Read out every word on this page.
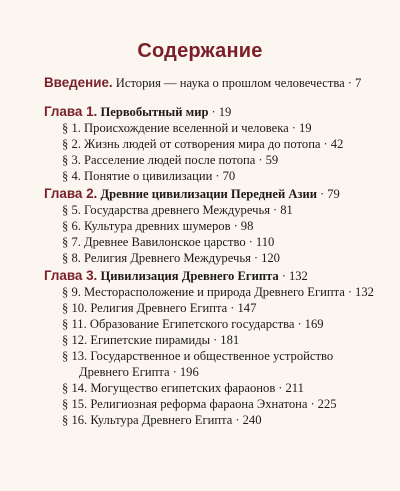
Содержание
Введение. История — наука о прошлом человечества · 7
Глава 1. Первобытный мир · 19
§ 1. Происхождение вселенной и человека · 19
§ 2. Жизнь людей от сотворения мира до потопа · 42
§ 3. Расселение людей после потопа · 59
§ 4. Понятие о цивилизации · 70
Глава 2. Древние цивилизации Передней Азии · 79
§ 5. Государства древнего Междуречья · 81
§ 6. Культура древних шумеров · 98
§ 7. Древнее Вавилонское царство · 110
§ 8. Религия Древнего Междуречья · 120
Глава 3. Цивилизация Древнего Египта · 132
§ 9. Месторасположение и природа Древнего Египта · 132
§ 10. Религия Древнего Египта · 147
§ 11. Образование Египетского государства · 169
§ 12. Египетские пирамиды · 181
§ 13. Государственное и общественное устройство
Древнего Египта · 196
§ 14. Могущество египетских фараонов · 211
§ 15. Религиозная реформа фараона Эхнатона · 225
§ 16. Культура Древнего Египта · 240
